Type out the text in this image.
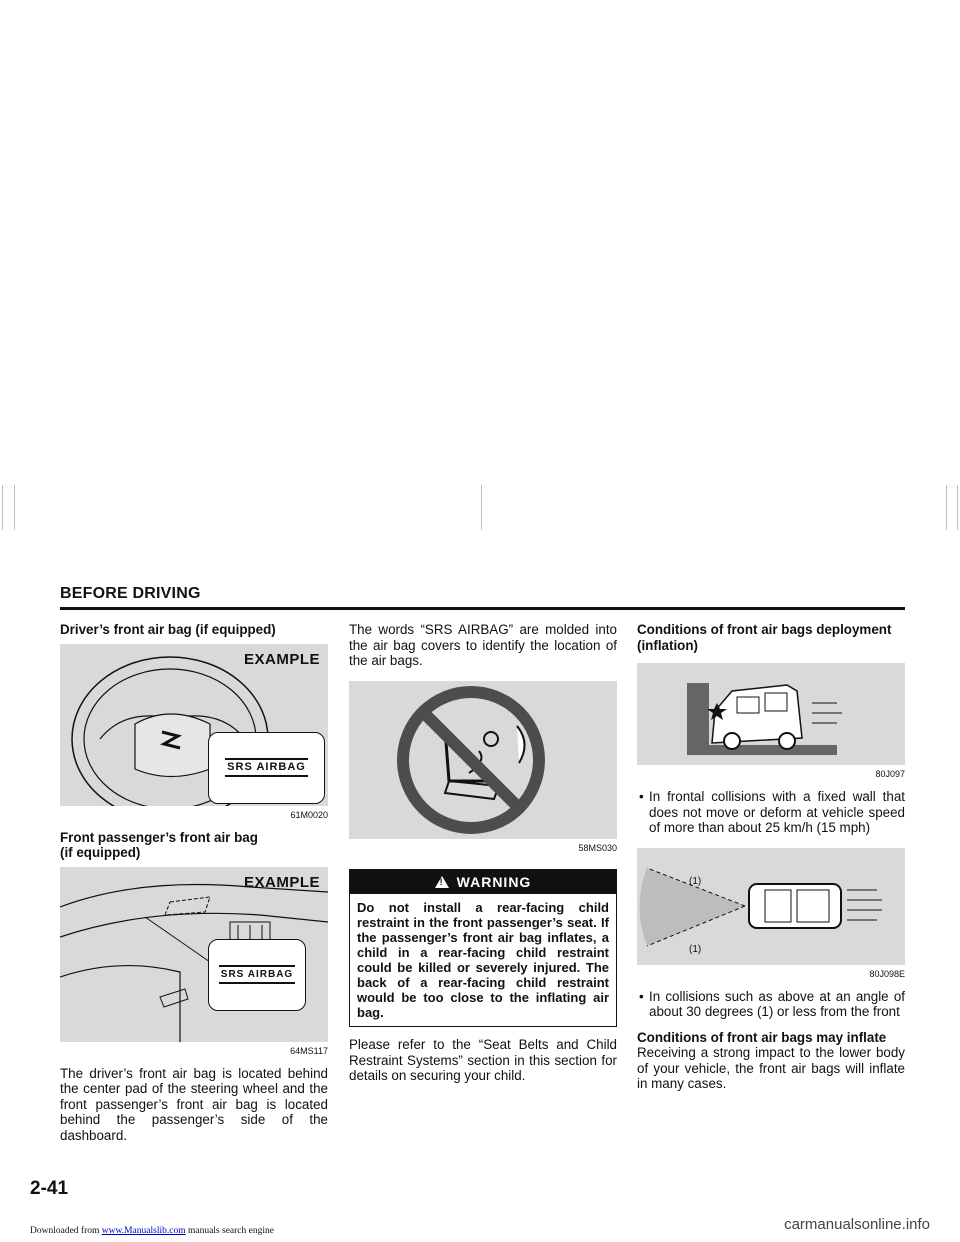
BEFORE DRIVING
Driver’s front air bag (if equipped)
EXAMPLE
SRS AIRBAG
61M0020
Front passenger’s front air bag
(if equipped)
EXAMPLE
SRS AIRBAG
64MS117
The driver’s front air bag is located behind the center pad of the steering wheel and the front passenger’s front air bag is located behind the passenger’s side of the dashboard.
The words “SRS AIRBAG” are molded into the air bag covers to identify the location of the air bags.
58MS030
! WARNING
Do not install a rear-facing child restraint in the front passenger’s seat. If the passenger’s front air bag inflates, a child in a rear-facing child restraint could be killed or severely injured. The back of a rear-facing child restraint would be too close to the inflating air bag.
Please refer to the “Seat Belts and Child Restraint Systems” section in this section for details on securing your child.
Conditions of front air bags deployment (inflation)
80J097
• In frontal collisions with a fixed wall that does not move or deform at vehicle speed of more than about 25 km/h (15 mph)
(1)
(1)
80J098E
• In collisions such as above at an angle of about 30 degrees (1) or less from the front
Conditions of front air bags may inflate
Receiving a strong impact to the lower body of your vehicle, the front air bags will inflate in many cases.
2-41
Downloaded from www.Manualslib.com manuals search engine	carmanualsonline.info
